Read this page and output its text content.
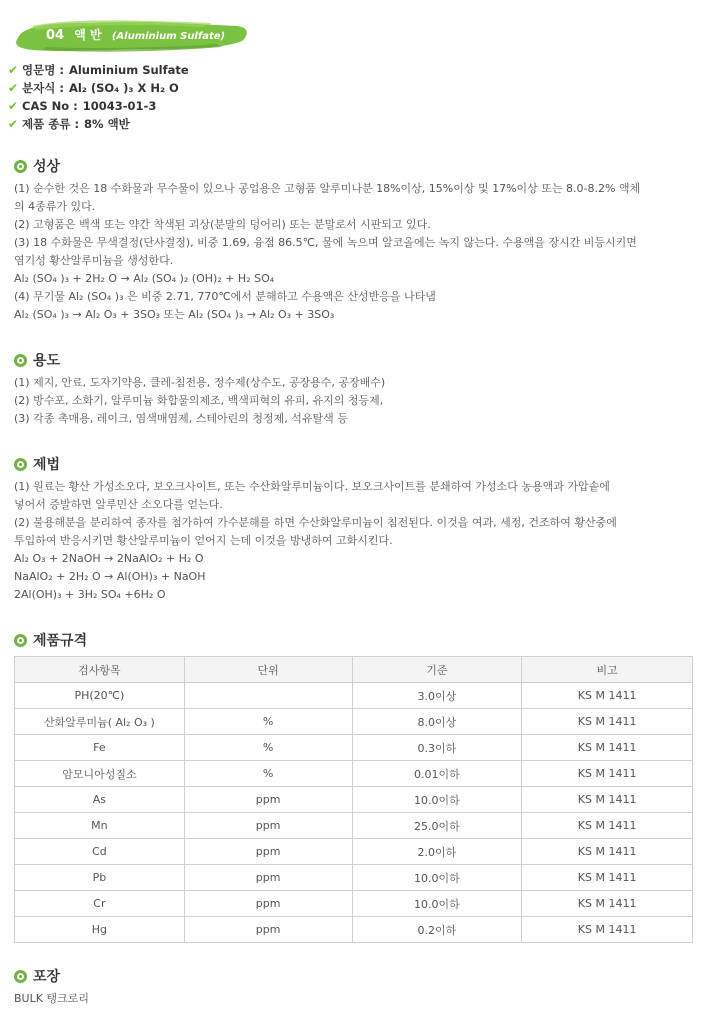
04 액 반 (Aluminium Sulfate)
✔ 영문명 : Aluminium Sulfate
✔ 분자식 : Al₂ (SO₄ )₃ X H₂ O
✔ CAS No : 10043-01-3
✔ 제품 종류 : 8% 액반
성상
(1) 순수한 것은 18 수화물과 무수물이 있으나 공업용은 고형품 알루미나분 18%이상, 15%이상 및 17%이상 또는 8.0-8.2% 액체
의 4종류가 있다.
(2) 고형품은 백색 또는 약간 착색된 괴상(분말의 덩어리) 또는 분말로서 시판되고 있다.
(3) 18 수화물은 무색결정(단사결정), 비중 1.69, 융점 86.5℃, 물에 녹으며 알코올에는 녹지 않는다. 수용액을 장시간 비등시키면
염기성 황산알루미늄을 생성한다.
Al₂ (SO₄ )₃ + 2H₂ O → Al₂ (SO₄ )₂ (OH)₂ + H₂ SO₄
(4) 무기물 Al₂ (SO₄ )₃ 은 비중 2.71, 770℃에서 분해하고 수용액은 산성반응을 나타냄
Al₂ (SO₄ )₃ → Al₂ O₃ + 3SO₃ 또는 Al₂ (SO₄ )₃ → Al₂ O₃ + 3SO₃
용도
(1) 제지, 안료, 도자기약용, 클레-침전용, 정수제(상수도, 공장용수, 공장배수)
(2) 방수포, 소화기, 알루미늄 화합물의제조, 백색피혁의 유피, 유지의 청등제,
(3) 각종 촉매용, 레이크, 염색매염제, 스테아린의 청정제, 석유탈색 등
제법
(1) 원료는 황산 가성소오다, 보오크사이트, 또는 수산화알루미늄이다. 보오크사이트를 분쇄하여 가성소다 농용액과 가압솥에
넣어서 증발하면 알루민산 소오다를 얻는다.
(2) 불용해분을 분리하여 종자를 첨가하여 가수분해를 하면 수산화알루미늄이 침전된다. 이것을 여과, 세정, 건조하여 황산중에
투입하여 반응시키면 황산알루미늄이 얻어지 는데 이것을 방냉하여 고화시킨다.
Al₂ O₃ + 2NaOH → 2NaAlO₂ + H₂ O
NaAlO₂ + 2H₂ O → Al(OH)₃ + NaOH
2Al(OH)₃ + 3H₂ SO₄ +6H₂ O
제품규격
검사항목	단위	기준	비고
PH(20℃)		3.0이상	KS M 1411
산화알루미늄( Al₂ O₃ )	%	8.0이상	KS M 1411
Fe	%	0.3이하	KS M 1411
암모니아성질소	%	0.01이하	KS M 1411
As	ppm	10.0이하	KS M 1411
Mn	ppm	25.0이하	KS M 1411
Cd	ppm	2.0이하	KS M 1411
Pb	ppm	10.0이하	KS M 1411
Cr	ppm	10.0이하	KS M 1411
Hg	ppm	0.2이하	KS M 1411
포장
BULK 탱크로리
